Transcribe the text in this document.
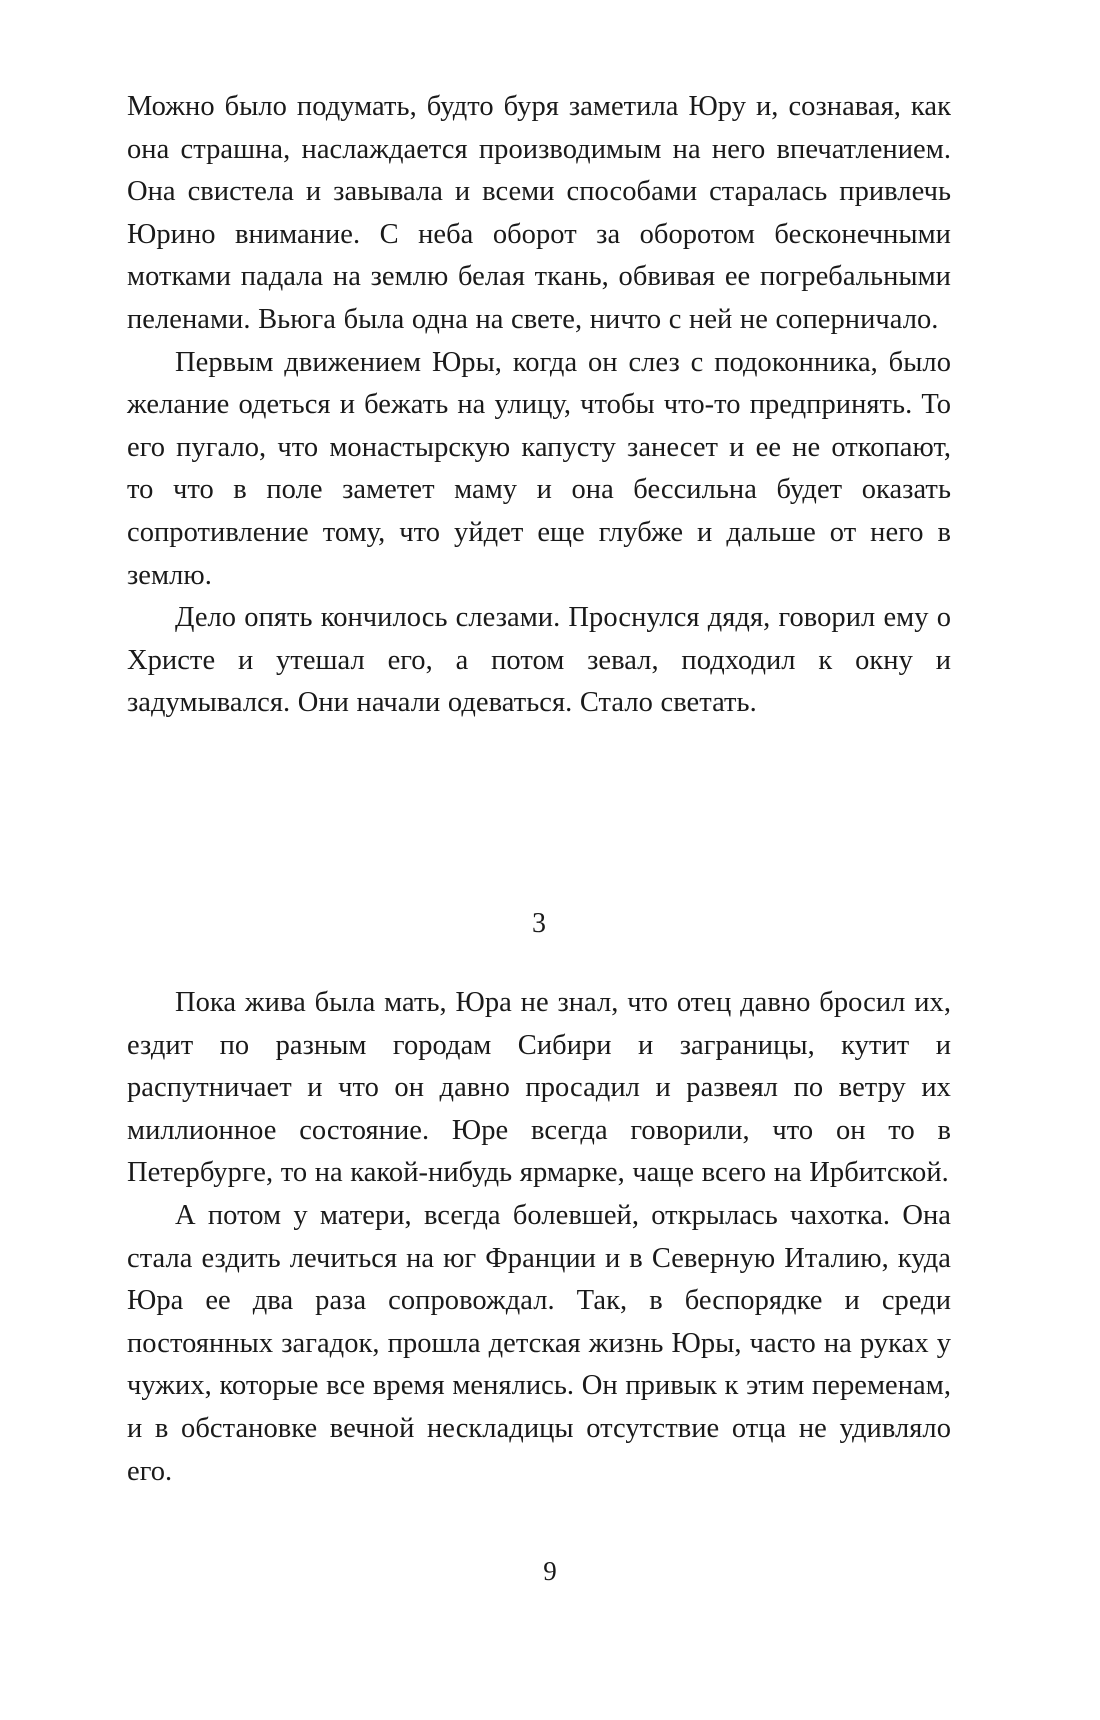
Можно было подумать, будто буря заметила Юру и, сознавая, как она страшна, наслаждается производимым на него впечатлением. Она свистела и завывала и всеми способами старалась привлечь Юрино внимание. С неба оборот за оборотом бесконечными мотками падала на землю белая ткань, обвивая ее погребальными пеленами. Вьюга была одна на свете, ничто с ней не соперничало.

Первым движением Юры, когда он слез с подоконника, было желание одеться и бежать на улицу, чтобы что-то предпринять. То его пугало, что монастырскую капусту занесет и ее не откопают, то что в поле заметет маму и она бессильна будет оказать сопротивление тому, что уйдет еще глубже и дальше от него в землю.

Дело опять кончилось слезами. Проснулся дядя, говорил ему о Христе и утешал его, а потом зевал, подходил к окну и задумывался. Они начали одеваться. Стало светать.

3

Пока жива была мать, Юра не знал, что отец давно бросил их, ездит по разным городам Сибири и заграницы, кутит и распутничает и что он давно просадил и развеял по ветру их миллионное состояние. Юре всегда говорили, что он то в Петербурге, то на какой-нибудь ярмарке, чаще всего на Ирбитской.

А потом у матери, всегда болевшей, открылась чахотка. Она стала ездить лечиться на юг Франции и в Северную Италию, куда Юра ее два раза сопровождал. Так, в беспорядке и среди постоянных загадок, прошла детская жизнь Юры, часто на руках у чужих, которые все время менялись. Он привык к этим переменам, и в обстановке вечной нескладицы отсутствие отца не удивляло его.

9
